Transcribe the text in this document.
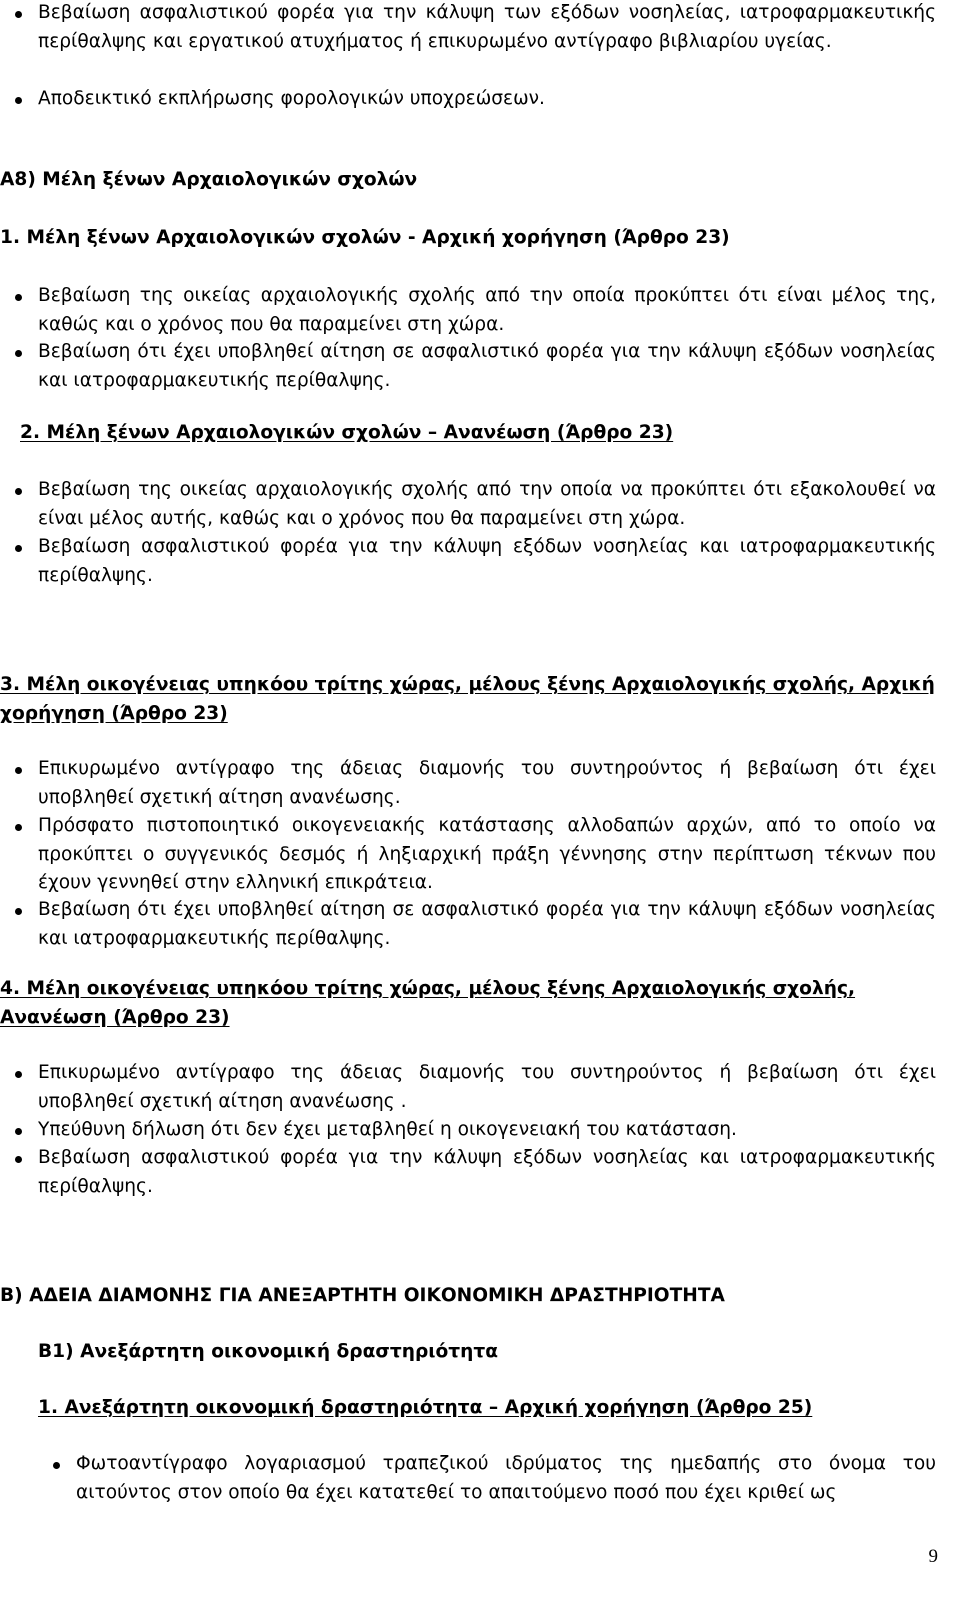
Βεβαίωση ασφαλιστικού φορέα για την κάλυψη των εξόδων νοσηλείας, ιατροφαρμακευτικής περίθαλψης και εργατικού ατυχήματος ή επικυρωμένο αντίγραφο βιβλιαρίου υγείας.
Αποδεικτικό εκπλήρωσης φορολογικών υποχρεώσεων.
Α8) Μέλη ξένων Αρχαιολογικών σχολών
1. Μέλη ξένων Αρχαιολογικών σχολών - Αρχική χορήγηση (Άρθρο 23)
Βεβαίωση της οικείας αρχαιολογικής σχολής από την οποία προκύπτει ότι είναι μέλος της, καθώς και ο χρόνος που θα παραμείνει στη χώρα.
Βεβαίωση ότι έχει υποβληθεί αίτηση σε ασφαλιστικό φορέα για την κάλυψη εξόδων νοσηλείας και ιατροφαρμακευτικής περίθαλψης.
2. Μέλη ξένων Αρχαιολογικών σχολών – Ανανέωση (Άρθρο 23)
Βεβαίωση της οικείας αρχαιολογικής σχολής από την οποία να προκύπτει ότι εξακολουθεί να είναι μέλος αυτής, καθώς και ο χρόνος που θα παραμείνει στη χώρα.
Βεβαίωση ασφαλιστικού φορέα για την κάλυψη εξόδων νοσηλείας και ιατροφαρμακευτικής περίθαλψης.
3. Μέλη οικογένειας υπηκόου τρίτης χώρας, μέλους ξένης Αρχαιολογικής σχολής, Αρχική χορήγηση (Άρθρο 23)
Επικυρωμένο αντίγραφο της άδειας διαμονής του συντηρούντος ή βεβαίωση ότι έχει υποβληθεί σχετική αίτηση ανανέωσης.
Πρόσφατο πιστοποιητικό οικογενειακής κατάστασης αλλοδαπών αρχών, από το οποίο να προκύπτει ο συγγενικός δεσμός ή ληξιαρχική πράξη γέννησης στην περίπτωση τέκνων που έχουν γεννηθεί στην ελληνική επικράτεια.
Βεβαίωση ότι έχει υποβληθεί αίτηση σε ασφαλιστικό φορέα για την κάλυψη εξόδων νοσηλείας και ιατροφαρμακευτικής περίθαλψης.
4. Μέλη οικογένειας υπηκόου τρίτης χώρας, μέλους ξένης Αρχαιολογικής σχολής, Ανανέωση (Άρθρο 23)
Επικυρωμένο αντίγραφο της άδειας διαμονής του συντηρούντος ή βεβαίωση ότι έχει υποβληθεί σχετική αίτηση ανανέωσης .
Υπεύθυνη δήλωση ότι δεν έχει μεταβληθεί η οικογενειακή του κατάσταση.
Βεβαίωση ασφαλιστικού φορέα για την κάλυψη εξόδων νοσηλείας και ιατροφαρμακευτικής περίθαλψης.
Β) ΑΔΕΙΑ ΔΙΑΜΟΝΗΣ ΓΙΑ ΑΝΕΞΑΡΤΗΤΗ ΟΙΚΟΝΟΜΙΚΗ ΔΡΑΣΤΗΡΙΟΤΗΤΑ
Β1) Ανεξάρτητη οικονομική δραστηριότητα
1. Ανεξάρτητη οικονομική δραστηριότητα – Αρχική χορήγηση (Άρθρο 25)
Φωτοαντίγραφο λογαριασμού τραπεζικού ιδρύματος της ημεδαπής στο όνομα του αιτούντος στον οποίο θα έχει κατατεθεί το απαιτούμενο ποσό που έχει κριθεί ως
9
